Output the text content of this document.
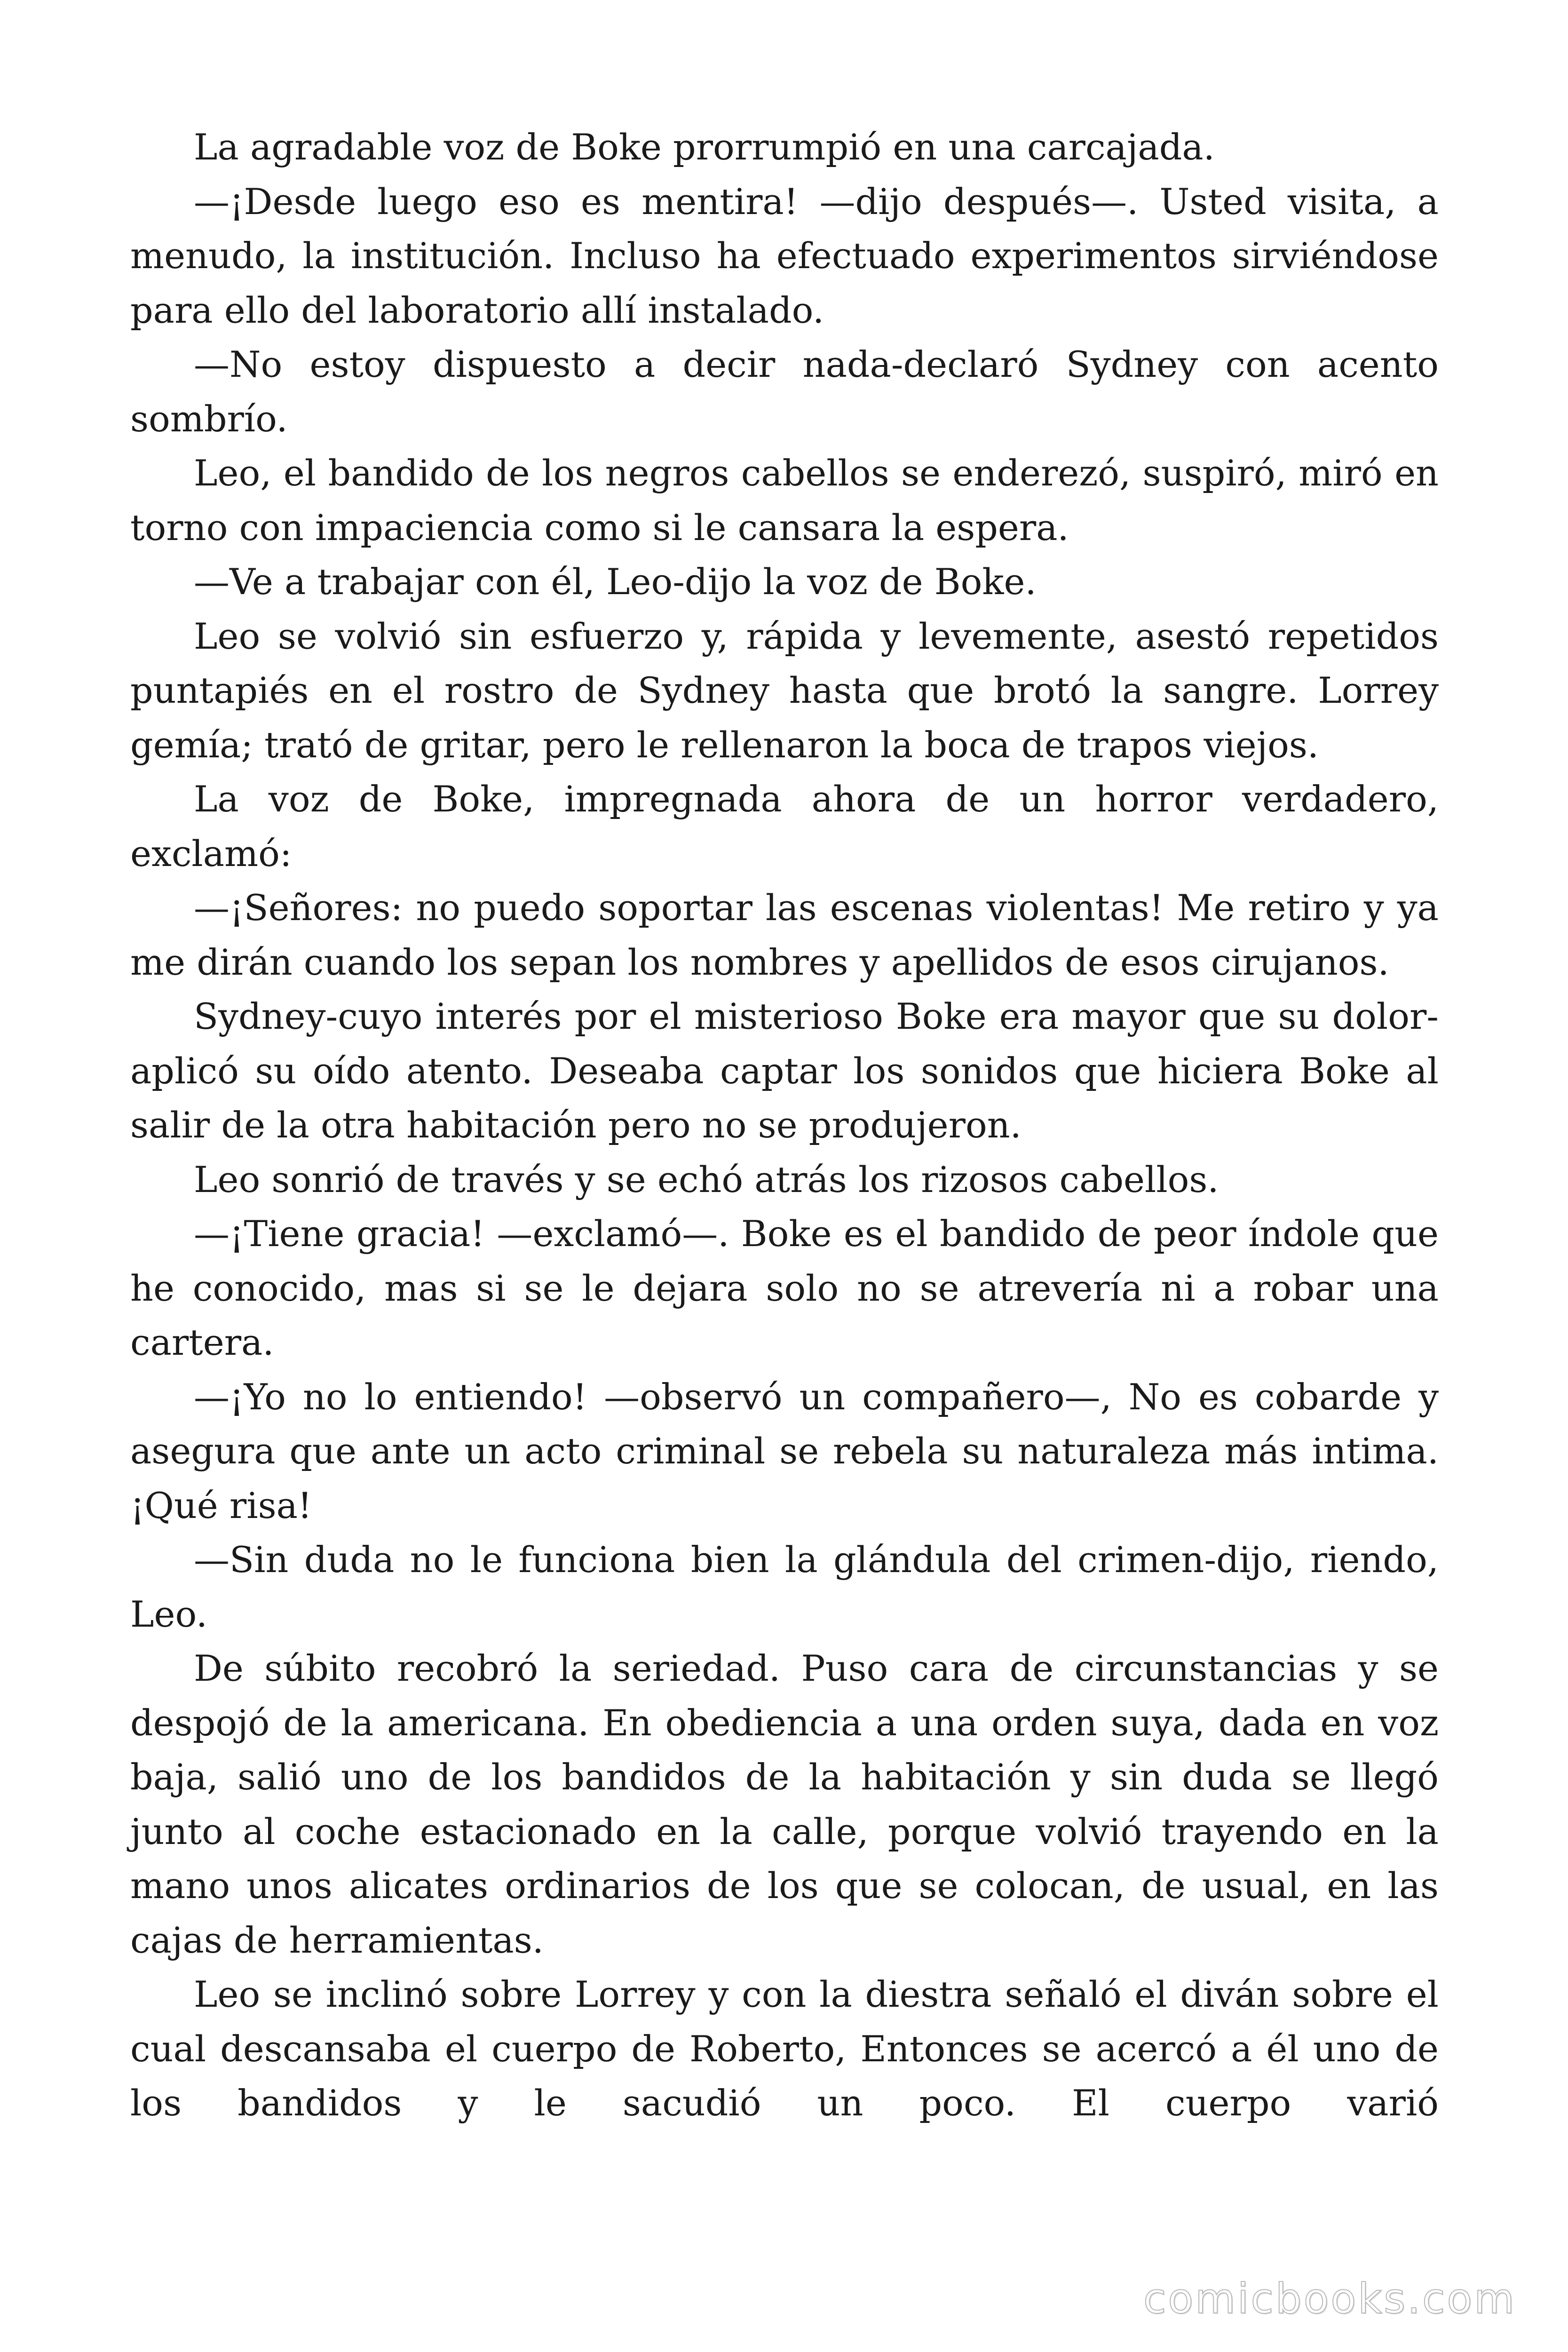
La agradable voz de Boke prorrumpió en una carcajada.

—¡Desde luego eso es mentira! —dijo después—. Usted visita, a menudo, la institución. Incluso ha efectuado experimentos sirviéndose para ello del laboratorio allí instalado.

—No estoy dispuesto a decir nada-declaró Sydney con acento sombrío.

Leo, el bandido de los negros cabellos se enderezó, suspiró, miró en torno con impaciencia como si le cansara la espera.

—Ve a trabajar con él, Leo-dijo la voz de Boke.

Leo se volvió sin esfuerzo y, rápida y levemente, asestó repetidos puntapiés en el rostro de Sydney hasta que brotó la sangre. Lorrey gemía; trató de gritar, pero le rellenaron la boca de trapos viejos.

La voz de Boke, impregnada ahora de un horror verdadero, exclamó:

—¡Señores: no puedo soportar las escenas violentas! Me retiro y ya me dirán cuando los sepan los nombres y apellidos de esos cirujanos.

Sydney-cuyo interés por el misterioso Boke era mayor que su dolor-aplicó su oído atento. Deseaba captar los sonidos que hiciera Boke al salir de la otra habitación pero no se produjeron.

Leo sonrió de través y se echó atrás los rizosos cabellos.

—¡Tiene gracia! —exclamó—. Boke es el bandido de peor índole que he conocido, mas si se le dejara solo no se atrevería ni a robar una cartera.

—¡Yo no lo entiendo! —observó un compañero—, No es cobarde y asegura que ante un acto criminal se rebela su naturaleza más intima. ¡Qué risa!

—Sin duda no le funciona bien la glándula del crimen-dijo, riendo, Leo.

De súbito recobró la seriedad. Puso cara de circunstancias y se despojó de la americana. En obediencia a una orden suya, dada en voz baja, salió uno de los bandidos de la habitación y sin duda se llegó junto al coche estacionado en la calle, porque volvió trayendo en la mano unos alicates ordinarios de los que se colocan, de usual, en las cajas de herramientas.

Leo se inclinó sobre Lorrey y con la diestra señaló el diván sobre el cual descansaba el cuerpo de Roberto, Entonces se acercó a él uno de los bandidos y le sacudió un poco. El cuerpo varió

comicbooks.com
